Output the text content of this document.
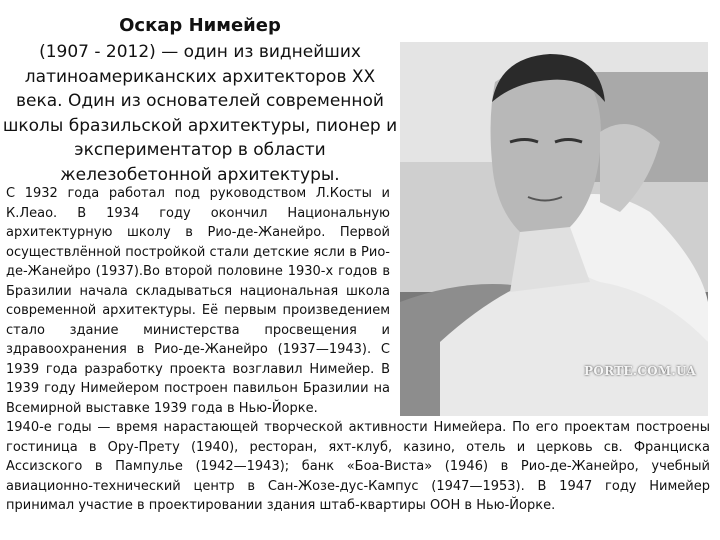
Оскар Нимейер
(1907 - 2012) — один из виднейших латиноамериканских архитекторов XX века. Один из основателей современной школы бразильской архитектуры, пионер и экспериментатор в области железобетонной архитектуры.
PORTE.COM.UA
С 1932 года работал под руководством Л.Косты и К.Леао. В 1934 году окончил Национальную архитектурную школу в Рио-де-Жанейро. Первой осуществлённой постройкой стали детские ясли в Рио-де-Жанейро (1937).Во второй половине 1930-х годов в Бразилии начала складываться национальная школа современной архитектуры. Её первым произведением стало здание министерства просвещения и здравоохранения в Рио-де-Жанейро (1937—1943). С 1939 года разработку проекта возглавил Нимейер. В 1939 году Нимейером построен павильон Бразилии на Всемирной выставке 1939 года в Нью-Йорке.
1940-е годы — время нарастающей творческой активности Нимейера. По его проектам построены гостиница в Ору-Прету (1940), ресторан, яхт-клуб, казино, отель и церковь св. Франциска Ассизского в Пампулье (1942—1943); банк «Боа-Виста» (1946) в Рио-де-Жанейро, учебный авиационно-технический центр в Сан-Жозе-дус-Кампус (1947—1953). В 1947 году Нимейер принимал участие в проектировании здания штаб-квартиры ООН в Нью-Йорке.
